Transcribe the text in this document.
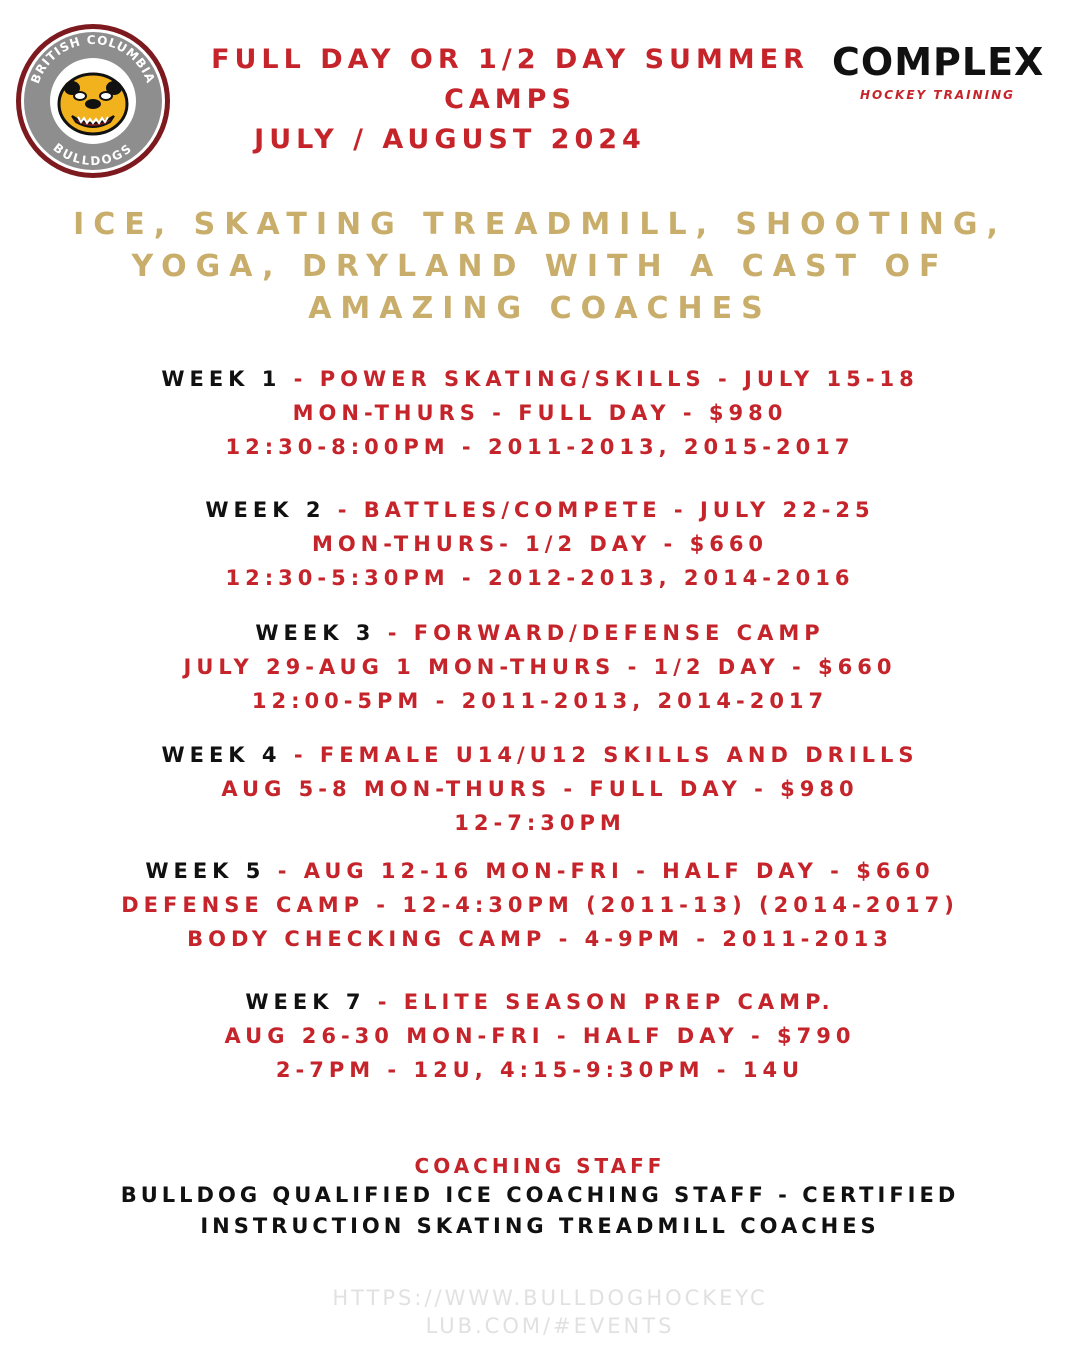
BRITISH COLUMBIA
BULLDOGS
FULL DAY OR 1/2 DAY SUMMER
CAMPS
JULY / AUGUST 2024
COMPLEX
HOCKEY TRAINING
ICE, SKATING TREADMILL, SHOOTING,
YOGA, DRYLAND WITH A CAST OF
AMAZING COACHES
WEEK 1 - POWER SKATING/SKILLS - JULY 15-18
MON-THURS - FULL DAY - $980
12:30-8:00PM - 2011-2013, 2015-2017
WEEK 2 - BATTLES/COMPETE - JULY 22-25
MON-THURS- 1/2 DAY - $660
12:30-5:30PM - 2012-2013, 2014-2016
WEEK 3 - FORWARD/DEFENSE CAMP
JULY 29-AUG 1 MON-THURS - 1/2 DAY - $660
12:00-5PM - 2011-2013, 2014-2017
WEEK 4 - FEMALE U14/U12 SKILLS AND DRILLS
AUG 5-8 MON-THURS - FULL DAY - $980
12-7:30PM
WEEK 5 - AUG 12-16 MON-FRI - HALF DAY - $660
DEFENSE CAMP - 12-4:30PM (2011-13) (2014-2017)
BODY CHECKING CAMP - 4-9PM - 2011-2013
WEEK 7 - ELITE SEASON PREP CAMP.
AUG 26-30 MON-FRI - HALF DAY - $790
2-7PM - 12U, 4:15-9:30PM - 14U
COACHING STAFF
BULLDOG QUALIFIED ICE COACHING STAFF - CERTIFIED
INSTRUCTION SKATING TREADMILL COACHES
HTTPS://WWW.BULLDOGHOCKEYC
LUB.COM/#EVENTS
